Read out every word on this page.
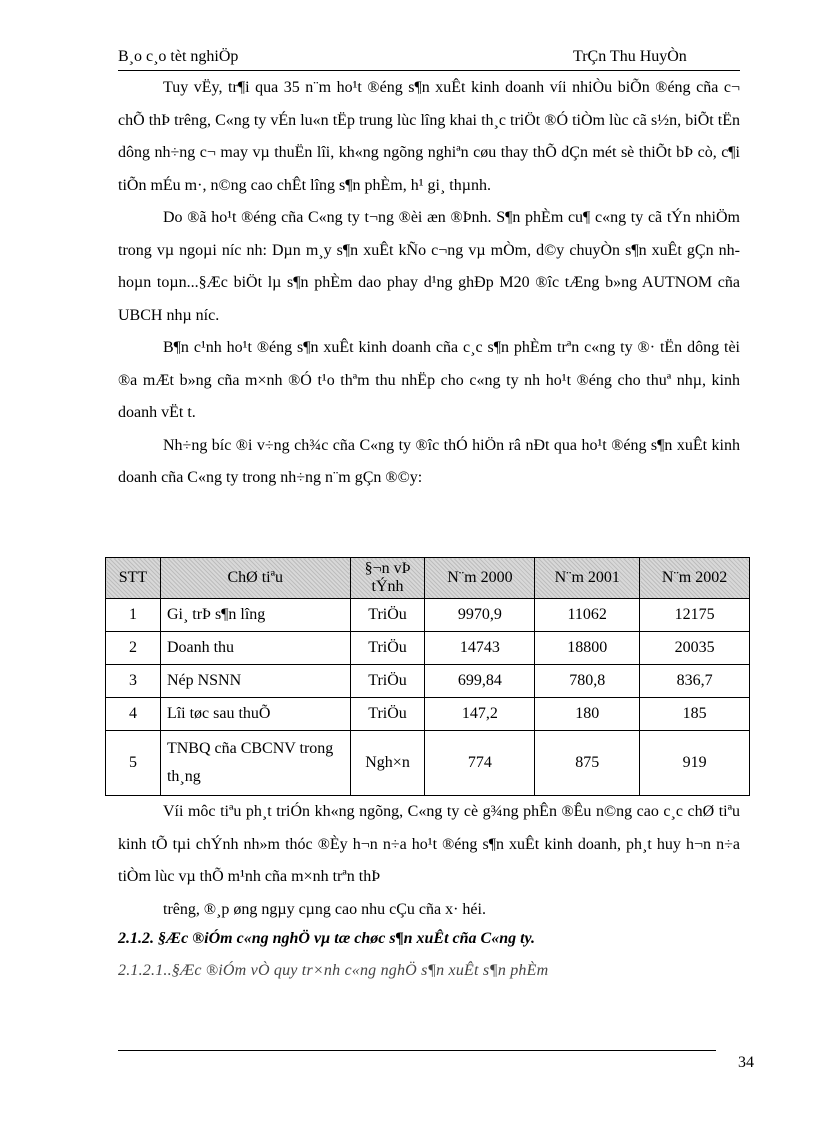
B¸o c¸o tèt nghiÖp	TrÇn Thu HuyÒn

Tuy vËy, tr¶i qua 35 n¨m ho¹t ®éng s¶n xuÊt kinh doanh víi nhiÒu biÕn ®éng cña c¬ chÕ thÞ trêng, C«ng ty vÉn lu«n tËp trung lùc lîng khai th¸c triÖt ®Ó tiÒm lùc cã s½n, biÕt tËn dông nh÷ng c¬ may vµ thuËn lîi, kh«ng ngõng nghiªn cøu thay thÕ dÇn mét sè thiÕt bÞ cò, c¶i tiÕn mÉu m·, n©ng cao chÊt lîng s¶n phÈm, h¹ gi¸ thµnh.

Do ®ã ho¹t ®éng cña C«ng ty t¬ng ®èi æn ®Þnh. S¶n phÈm cu¶ c«ng ty cã tÝn nhiÖm trong vµ ngoµi níc nh: Dµn m¸y s¶n xuÊt kÑo c¬ng vµ mÒm, d©y chuyÒn s¶n xuÊt gÇn nh hoµn toµn...§Æc biÖt lµ s¶n phÈm dao phay d¹ng ghÐp M20 ®îc tÆng b»ng AUTNOM cña UBCH nhµ níc.

B¶n c¹nh ho¹t ®éng s¶n xuÊt kinh doanh cña c¸c s¶n phÈm trªn c«ng ty ®· tËn dông tèi ®a mÆt b»ng cña m×nh ®Ó t¹o thªm thu nhËp cho c«ng ty nh ho¹t ®éng cho thuª nhµ, kinh doanh vËt t.

Nh÷ng bíc ®i v÷ng ch¾c cña C«ng ty ®îc thÓ hiÖn râ nÐt qua ho¹t ®éng s¶n xuÊt kinh doanh cña C«ng ty trong nh÷ng n¨m gÇn ®©y:

STT	ChØ tiªu	§¬n vÞ tÝnh	N¨m 2000	N¨m 2001	N¨m 2002
1	Gi¸ trÞ s¶n lîng	TriÖu	9970,9	11062	12175
2	Doanh thu	TriÖu	14743	18800	20035
3	Nép NSNN	TriÖu	699,84	780,8	836,7
4	Lîi tøc sau thuÕ	TriÖu	147,2	180	185
5	TNBQ cña CBCNV trong th¸ng	Ngh×n	774	875	919

Víi môc tiªu ph¸t triÓn kh«ng ngõng, C«ng ty cè g¾ng phÊn ®Êu n©ng cao c¸c chØ tiªu kinh tÕ tµi chÝnh nh»m thóc ®Èy h¬n n÷a ho¹t ®éng s¶n xuÊt kinh doanh, ph¸t huy h¬n n÷a tiÒm lùc vµ thÕ m¹nh cña m×nh trªn thÞ

trêng, ®¸p øng ngµy cµng cao nhu cÇu cña x· héi.

2.1.2. §Æc ®iÓm c«ng nghÖ vµ tæ chøc s¶n xuÊt cña C«ng ty.
2.1.2.1..§Æc ®iÓm vÒ quy tr×nh c«ng nghÖ s¶n xuÊt s¶n phÈm
34
